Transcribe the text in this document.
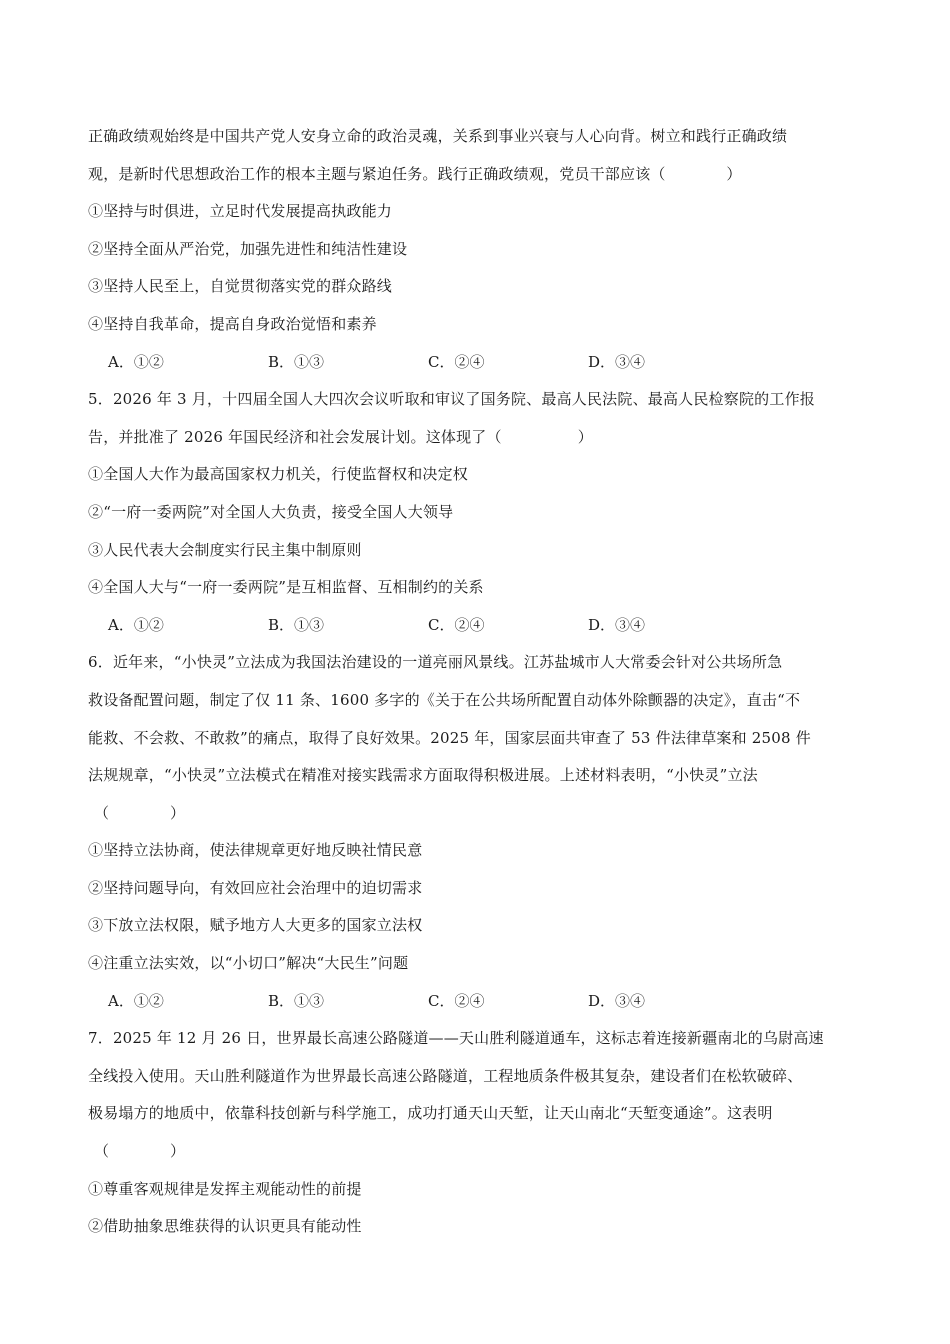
正确政绩观始终是中国共产党人安身立命的政治灵魂，关系到事业兴衰与人心向背。树立和践行正确政绩
观，是新时代思想政治工作的根本主题与紧迫任务。践行正确政绩观，党员干部应该（　　　　）
①坚持与时俱进，立足时代发展提高执政能力
②坚持全面从严治党，加强先进性和纯洁性建设
③坚持人民至上，自觉贯彻落实党的群众路线
④坚持自我革命，提高自身政治觉悟和素养
A．①②	B．①③	C．②④	D．③④
5．2026 年 3 月，十四届全国人大四次会议听取和审议了国务院、最高人民法院、最高人民检察院的工作报
告，并批准了 2026 年国民经济和社会发展计划。这体现了（　　　　　）
①全国人大作为最高国家权力机关，行使监督权和决定权
②“一府一委两院”对全国人大负责，接受全国人大领导
③人民代表大会制度实行民主集中制原则
④全国人大与“一府一委两院”是互相监督、互相制约的关系
A．①②	B．①③	C．②④	D．③④
6．近年来，“小快灵”立法成为我国法治建设的一道亮丽风景线。江苏盐城市人大常委会针对公共场所急
救设备配置问题，制定了仅 11 条、1600 多字的《关于在公共场所配置自动体外除颤器的决定》，直击“不
能救、不会救、不敢救”的痛点，取得了良好效果。2025 年，国家层面共审查了 53 件法律草案和 2508 件
法规规章，“小快灵”立法模式在精准对接实践需求方面取得积极进展。上述材料表明，“小快灵”立法
（　　　　）
①坚持立法协商，使法律规章更好地反映社情民意
②坚持问题导向，有效回应社会治理中的迫切需求
③下放立法权限，赋予地方人大更多的国家立法权
④注重立法实效，以“小切口”解决“大民生”问题
A．①②	B．①③	C．②④	D．③④
7．2025 年 12 月 26 日，世界最长高速公路隧道——天山胜利隧道通车，这标志着连接新疆南北的乌尉高速
全线投入使用。天山胜利隧道作为世界最长高速公路隧道，工程地质条件极其复杂，建设者们在松软破碎、
极易塌方的地质中，依靠科技创新与科学施工，成功打通天山天堑，让天山南北“天堑变通途”。这表明
（　　　　）
①尊重客观规律是发挥主观能动性的前提
②借助抽象思维获得的认识更具有能动性
